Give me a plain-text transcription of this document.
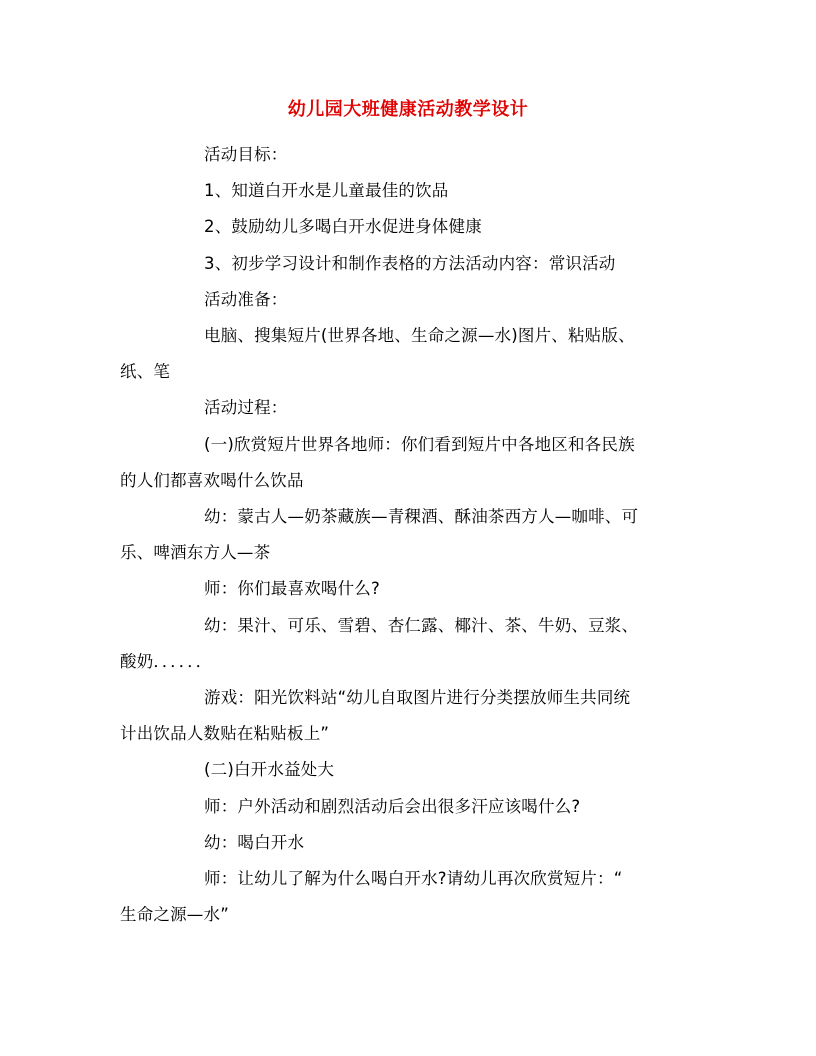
幼儿园大班健康活动教学设计

活动目标：

1、知道白开水是儿童最佳的饮品

2、鼓励幼儿多喝白开水促进身体健康

3、初步学习设计和制作表格的方法活动内容：常识活动

活动准备：

电脑、搜集短片(世界各地、生命之源—水)图片、粘贴版、

纸、笔

活动过程：

(一)欣赏短片世界各地师：你们看到短片中各地区和各民族

的人们都喜欢喝什么饮品

幼：蒙古人—奶茶藏族—青稞酒、酥油茶西方人—咖啡、可

乐、啤酒东方人—茶

师：你们最喜欢喝什么?

幼：果汁、可乐、雪碧、杏仁露、椰汁、茶、牛奶、豆浆、

酸奶．．．．．．

游戏：阳光饮料站“幼儿自取图片进行分类摆放师生共同统

计出饮品人数贴在粘贴板上”

(二)白开水益处大

师：户外活动和剧烈活动后会出很多汗应该喝什么?

幼：喝白开水

师：让幼儿了解为什么喝白开水?请幼儿再次欣赏短片：“

生命之源—水”
